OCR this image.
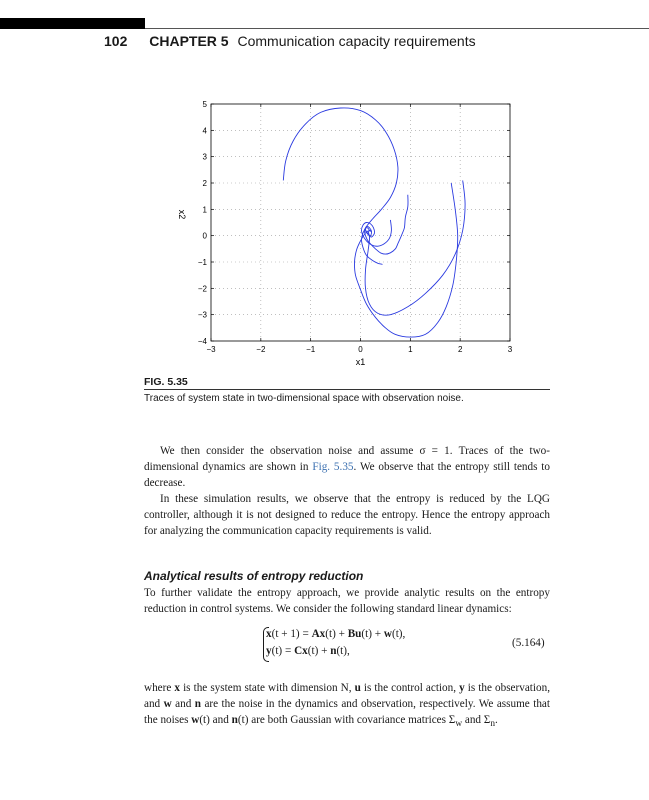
102 CHAPTER 5 Communication capacity requirements
−3	−2	−1	0	1	2	3
−4
−3
−2
−1
0
1
2
3
4
5
x1
x2
FIG. 5.35
Traces of system state in two-dimensional space with observation noise.

We then consider the observation noise and assume σ = 1. Traces of the two-dimensional dynamics are shown in Fig. 5.35. We observe that the entropy still tends to decrease.

In these simulation results, we observe that the entropy is reduced by the LQG controller, although it is not designed to reduce the entropy. Hence the entropy approach for analyzing the communication capacity requirements is valid.

Analytical results of entropy reduction

To further validate the entropy approach, we provide analytic results on the entropy reduction in control systems. We consider the following standard linear dynamics:

x(t + 1) = Ax(t) + Bu(t) + w(t),
y(t) = Cx(t) + n(t),
(5.164)

where x is the system state with dimension N, u is the control action, y is the observation, and w and n are the noise in the dynamics and observation, respectively. We assume that the noises w(t) and n(t) are both Gaussian with covariance matrices $\Sigma_w$ and $\Sigma_n$.
